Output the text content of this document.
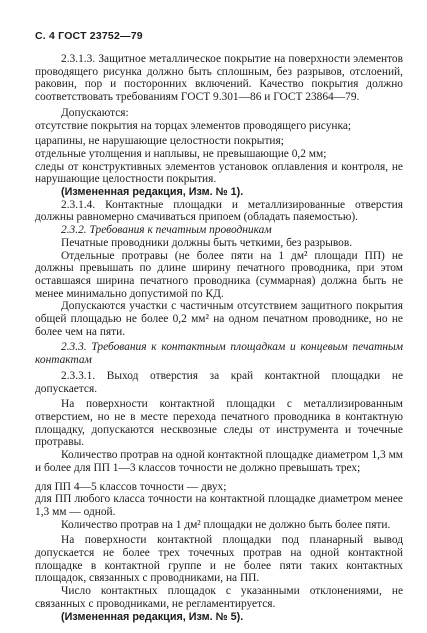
С. 4 ГОСТ 23752—79

2.3.1.3. Защитное металлическое покрытие на поверхности элементов проводящего рисунка должно быть сплошным, без разрывов, отслоений, раковин, пор и посторонних включений. Качество покрытия должно соответствовать требованиям ГОСТ 9.301—86 и ГОСТ 23864—79.

Допускаются:

отсутствие покрытия на торцах элементов проводящего рисунка;

царапины, не нарушающие целостности покрытия;

отдельные утолщения и наплывы, не превышающие 0,2 мм;

следы от конструктивных элементов установок оплавления и контроля, не нарушающие целостности покрытия.

(Измененная редакция, Изм. № 1).

2.3.1.4. Контактные площадки и металлизированные отверстия должны равномерно смачиваться припоем (обладать паяемостью).

2.3.2. Требования к печатным проводникам

Печатные проводники должны быть четкими, без разрывов.

Отдельные протравы (не более пяти на 1 дм² площади ПП) не должны превышать по длине ширину печатного проводника, при этом оставшаяся ширина печатного проводника (суммарная) должна быть не менее минимально допустимой по КД.

Допускаются участки с частичным отсутствием защитного покрытия общей площадью не более 0,2 мм² на одном печатном проводнике, но не более чем на пяти.

2.3.3. Требования к контактным площадкам и концевым печатным контактам

2.3.3.1. Выход отверстия за край контактной площадки не допускается.

На поверхности контактной площадки с металлизированным отверстием, но не в месте перехода печатного проводника в контактную площадку, допускаются несквозные следы от инструмента и точечные протравы.

Количество протрав на одной контактной площадке диаметром 1,3 мм и более для ПП 1—3 классов точности не должно превышать трех;

для ПП 4—5 классов точности — двух;

для ПП любого класса точности на контактной площадке диаметром менее 1,3 мм — одной.

Количество протрав на 1 дм² площадки не должно быть более пяти.

На поверхности контактной площадки под планарный вывод допускается не более трех точечных протрав на одной контактной площадке в контактной группе и не более пяти таких контактных площадок, связанных с проводниками, на ПП.

Число контактных площадок с указанными отклонениями, не связанных с проводниками, не регламентируется.

(Измененная редакция, Изм. № 5).
